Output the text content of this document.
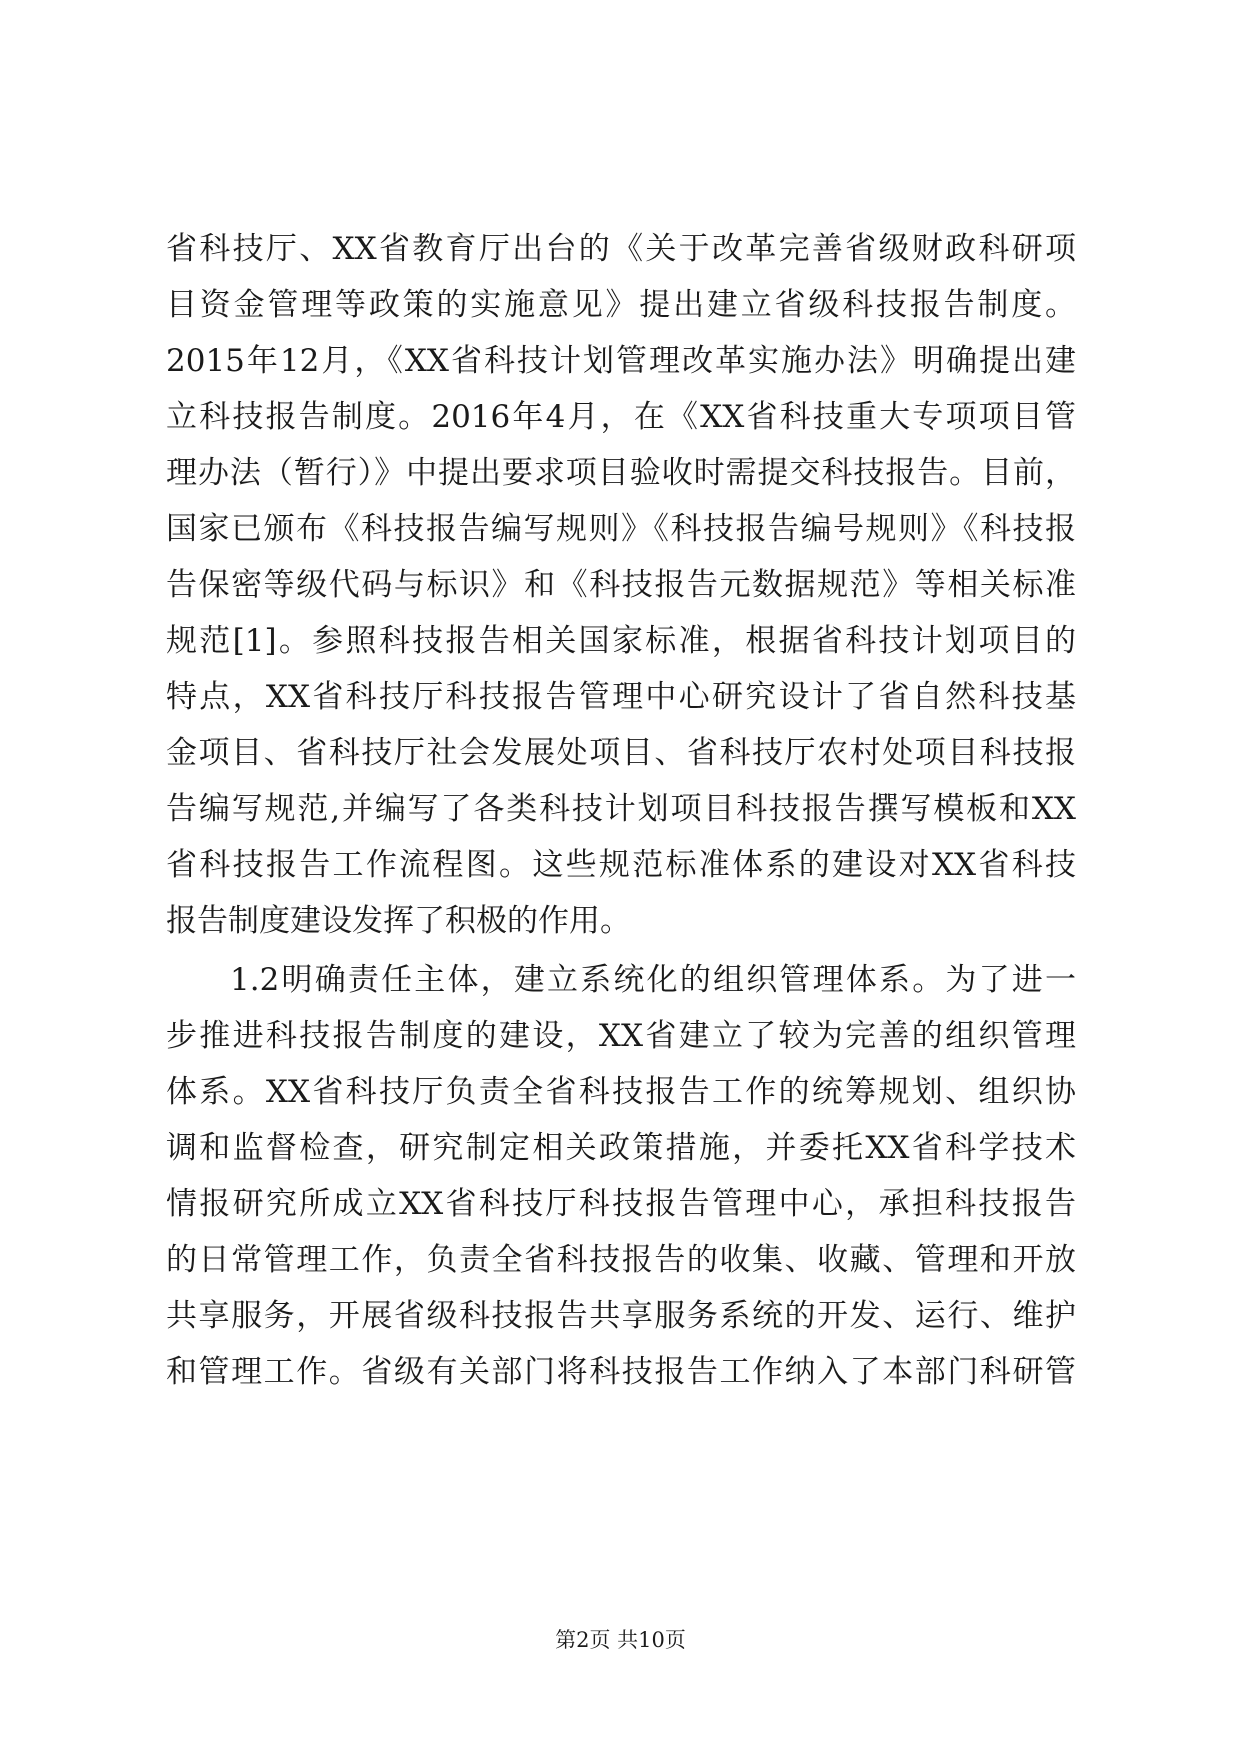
省科技厅、XX省教育厅出台的《关于改革完善省级财政科研项
目资金管理等政策的实施意见》提出建立省级科技报告制度。
2015年12月，《XX省科技计划管理改革实施办法》明确提出建
立科技报告制度。2016年4月，在《XX省科技重大专项项目管
理办法（暂行）》中提出要求项目验收时需提交科技报告。目前，
国家已颁布《科技报告编写规则》《科技报告编号规则》《科技报
告保密等级代码与标识》和《科技报告元数据规范》等相关标准
规范[1]。参照科技报告相关国家标准，根据省科技计划项目的
特点，XX省科技厅科技报告管理中心研究设计了省自然科技基
金项目、省科技厅社会发展处项目、省科技厅农村处项目科技报
告编写规范,并编写了各类科技计划项目科技报告撰写模板和XX
省科技报告工作流程图。这些规范标准体系的建设对XX省科技
报告制度建设发挥了积极的作用。
1.2明确责任主体，建立系统化的组织管理体系。为了进一
步推进科技报告制度的建设，XX省建立了较为完善的组织管理
体系。XX省科技厅负责全省科技报告工作的统筹规划、组织协
调和监督检查，研究制定相关政策措施，并委托XX省科学技术
情报研究所成立XX省科技厅科技报告管理中心，承担科技报告
的日常管理工作，负责全省科技报告的收集、收藏、管理和开放
共享服务，开展省级科技报告共享服务系统的开发、运行、维护
和管理工作。省级有关部门将科技报告工作纳入了本部门科研管
第2页 共10页
